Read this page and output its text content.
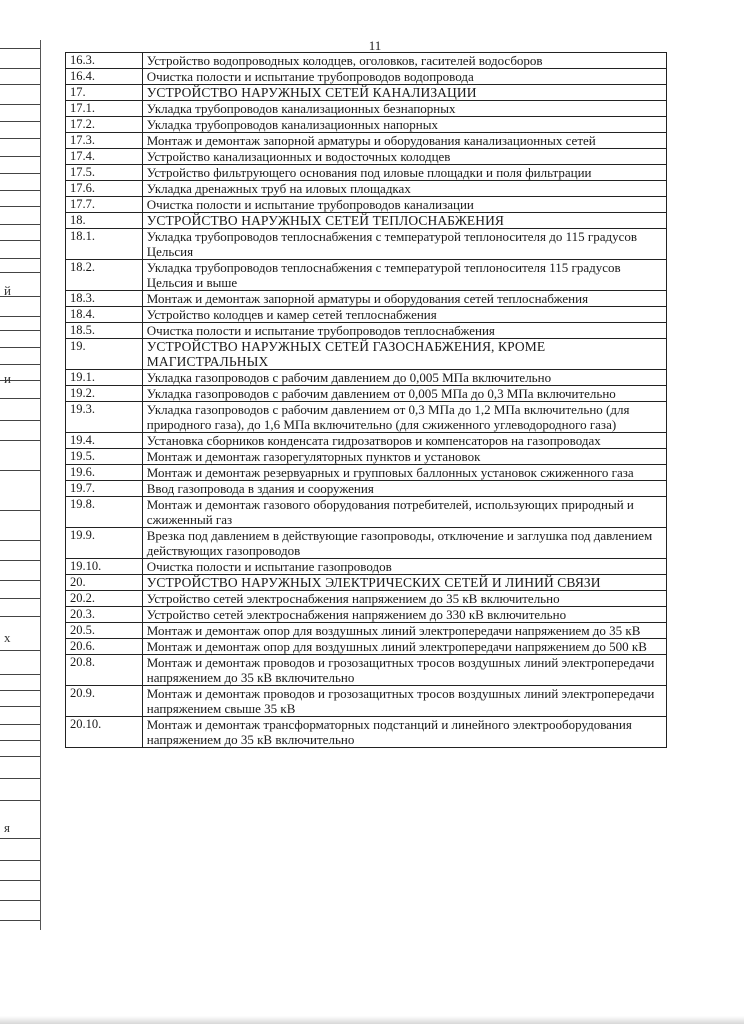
й
и
х
я
11
16.3.	Устройство водопроводных колодцев, оголовков, гасителей водосборов
16.4.	Очистка полости и испытание трубопроводов водопровода
17.	УСТРОЙСТВО НАРУЖНЫХ СЕТЕЙ КАНАЛИЗАЦИИ
17.1.	Укладка трубопроводов канализационных безнапорных
17.2.	Укладка трубопроводов канализационных напорных
17.3.	Монтаж и демонтаж запорной арматуры и оборудования канализационных сетей
17.4.	Устройство канализационных и водосточных колодцев
17.5.	Устройство фильтрующего основания под иловые площадки и поля фильтрации
17.6.	Укладка дренажных труб на иловых площадках
17.7.	Очистка полости и испытание трубопроводов канализации
18.	УСТРОЙСТВО НАРУЖНЫХ СЕТЕЙ ТЕПЛОСНАБЖЕНИЯ
18.1.	Укладка трубопроводов теплоснабжения с температурой теплоносителя до 115 градусов Цельсия
18.2.	Укладка трубопроводов теплоснабжения с температурой теплоносителя 115 градусов Цельсия и выше
18.3.	Монтаж и демонтаж запорной арматуры и оборудования сетей теплоснабжения
18.4.	Устройство колодцев и камер сетей теплоснабжения
18.5.	Очистка полости и испытание трубопроводов теплоснабжения
19.	УСТРОЙСТВО НАРУЖНЫХ СЕТЕЙ ГАЗОСНАБЖЕНИЯ, КРОМЕ МАГИСТРАЛЬНЫХ
19.1.	Укладка газопроводов с рабочим давлением до 0,005 МПа включительно
19.2.	Укладка газопроводов с рабочим давлением от 0,005 МПа до 0,3 МПа включительно
19.3.	Укладка газопроводов с рабочим давлением от 0,3 МПа до 1,2 МПа включительно (для природного газа), до 1,6 МПа включительно (для сжиженного углеводородного газа)
19.4.	Установка сборников конденсата гидрозатворов и компенсаторов на газопроводах
19.5.	Монтаж и демонтаж газорегуляторных пунктов и установок
19.6.	Монтаж и демонтаж резервуарных и групповых баллонных установок сжиженного газа
19.7.	Ввод газопровода в здания и сооружения
19.8.	Монтаж и демонтаж газового оборудования потребителей, использующих природный и сжиженный газ
19.9.	Врезка под давлением в действующие газопроводы, отключение и заглушка под давлением действующих газопроводов
19.10.	Очистка полости и испытание газопроводов
20.	УСТРОЙСТВО НАРУЖНЫХ ЭЛЕКТРИЧЕСКИХ СЕТЕЙ И ЛИНИЙ СВЯЗИ
20.2.	Устройство сетей электроснабжения напряжением до 35 кВ включительно
20.3.	Устройство сетей электроснабжения напряжением до 330 кВ включительно
20.5.	Монтаж и демонтаж опор для воздушных линий электропередачи напряжением до 35 кВ
20.6.	Монтаж и демонтаж опор для воздушных линий электропередачи напряжением до 500 кВ
20.8.	Монтаж и демонтаж проводов и грозозащитных тросов воздушных линий электропередачи напряжением до 35 кВ включительно
20.9.	Монтаж и демонтаж проводов и грозозащитных тросов воздушных линий электропередачи напряжением свыше 35 кВ
20.10.	Монтаж и демонтаж трансформаторных подстанций и линейного электрооборудования напряжением до 35 кВ включительно
